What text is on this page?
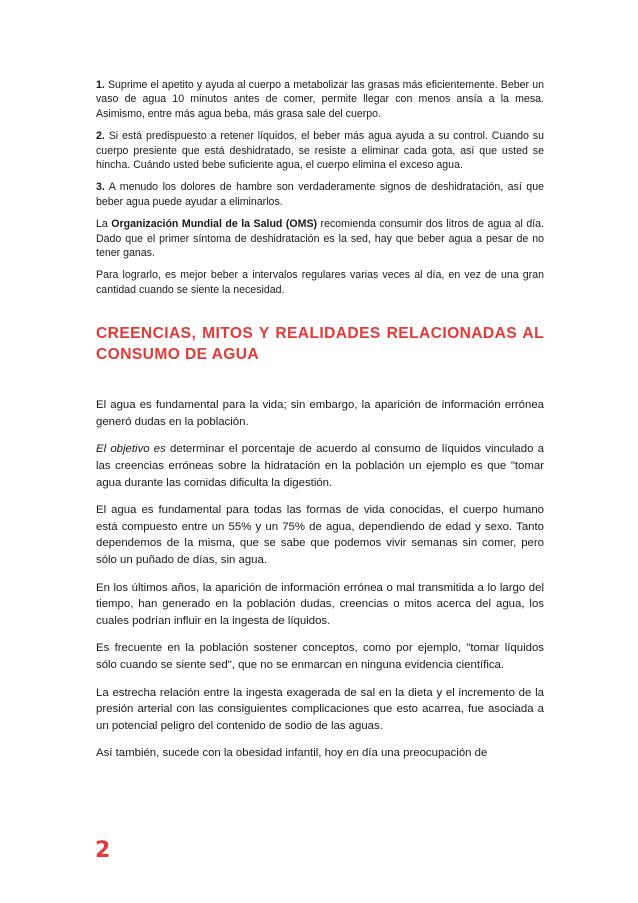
1. Suprime el apetito y ayuda al cuerpo a metabolizar las grasas más eficientemente. Beber un vaso de agua 10 minutos antes de comer, permite llegar con menos ansía a la mesa. Asimismo, entre más agua beba, más grasa sale del cuerpo.

2. Si está predispuesto a retener líquidos, el beber más agua ayuda a su control. Cuando su cuerpo presiente que está deshidratado, se resiste a eliminar cada gota, así que usted se hincha. Cuándo usted bebe suficiente agua, el cuerpo elimina el exceso agua.

3. A menudo los dolores de hambre son verdaderamente signos de deshidratación, así que beber agua puede ayudar a eliminarlos.

La Organización Mundial de la Salud (OMS) recomienda consumir dos litros de agua al día. Dado que el primer síntoma de deshidratación es la sed, hay que beber agua a pesar de no tener ganas.

Para lograrlo, es mejor beber a intervalos regulares varias veces al día, en vez de una gran cantidad cuando se siente la necesidad.

CREENCIAS, MITOS Y REALIDADES RELACIONADAS AL CONSUMO DE AGUA

El agua es fundamental para la vida; sin embargo, la aparición de información errónea generó dudas en la población.

El objetivo es determinar el porcentaje de acuerdo al consumo de líquidos vinculado a las creencias erróneas sobre la hidratación en la población un ejemplo es que "tomar agua durante las comidas dificulta la digestión.

El agua es fundamental para todas las formas de vida conocidas, el cuerpo humano está compuesto entre un 55% y un 75% de agua, dependiendo de edad y sexo. Tanto dependemos de la misma, que se sabe que podemos vivir semanas sin comer, pero sólo un puñado de días, sin agua.

En los últimos años, la aparición de información errónea o mal transmitida a lo largo del tiempo, han generado en la población dudas, creencias o mitos acerca del agua, los cuales podrían influir en la ingesta de líquidos.

Es frecuente en la población sostener conceptos, como por ejemplo, "tomar líquidos sólo cuando se siente sed", que no se enmarcan en ninguna evidencia científica.

La estrecha relación entre la ingesta exagerada de sal en la dieta y el incremento de la presión arterial con las consiguientes complicaciones que esto acarrea, fue asociada a un potencial peligro del contenido de sodio de las aguas.

Así también, sucede con la obesidad infantil, hoy en día una preocupación de

2
